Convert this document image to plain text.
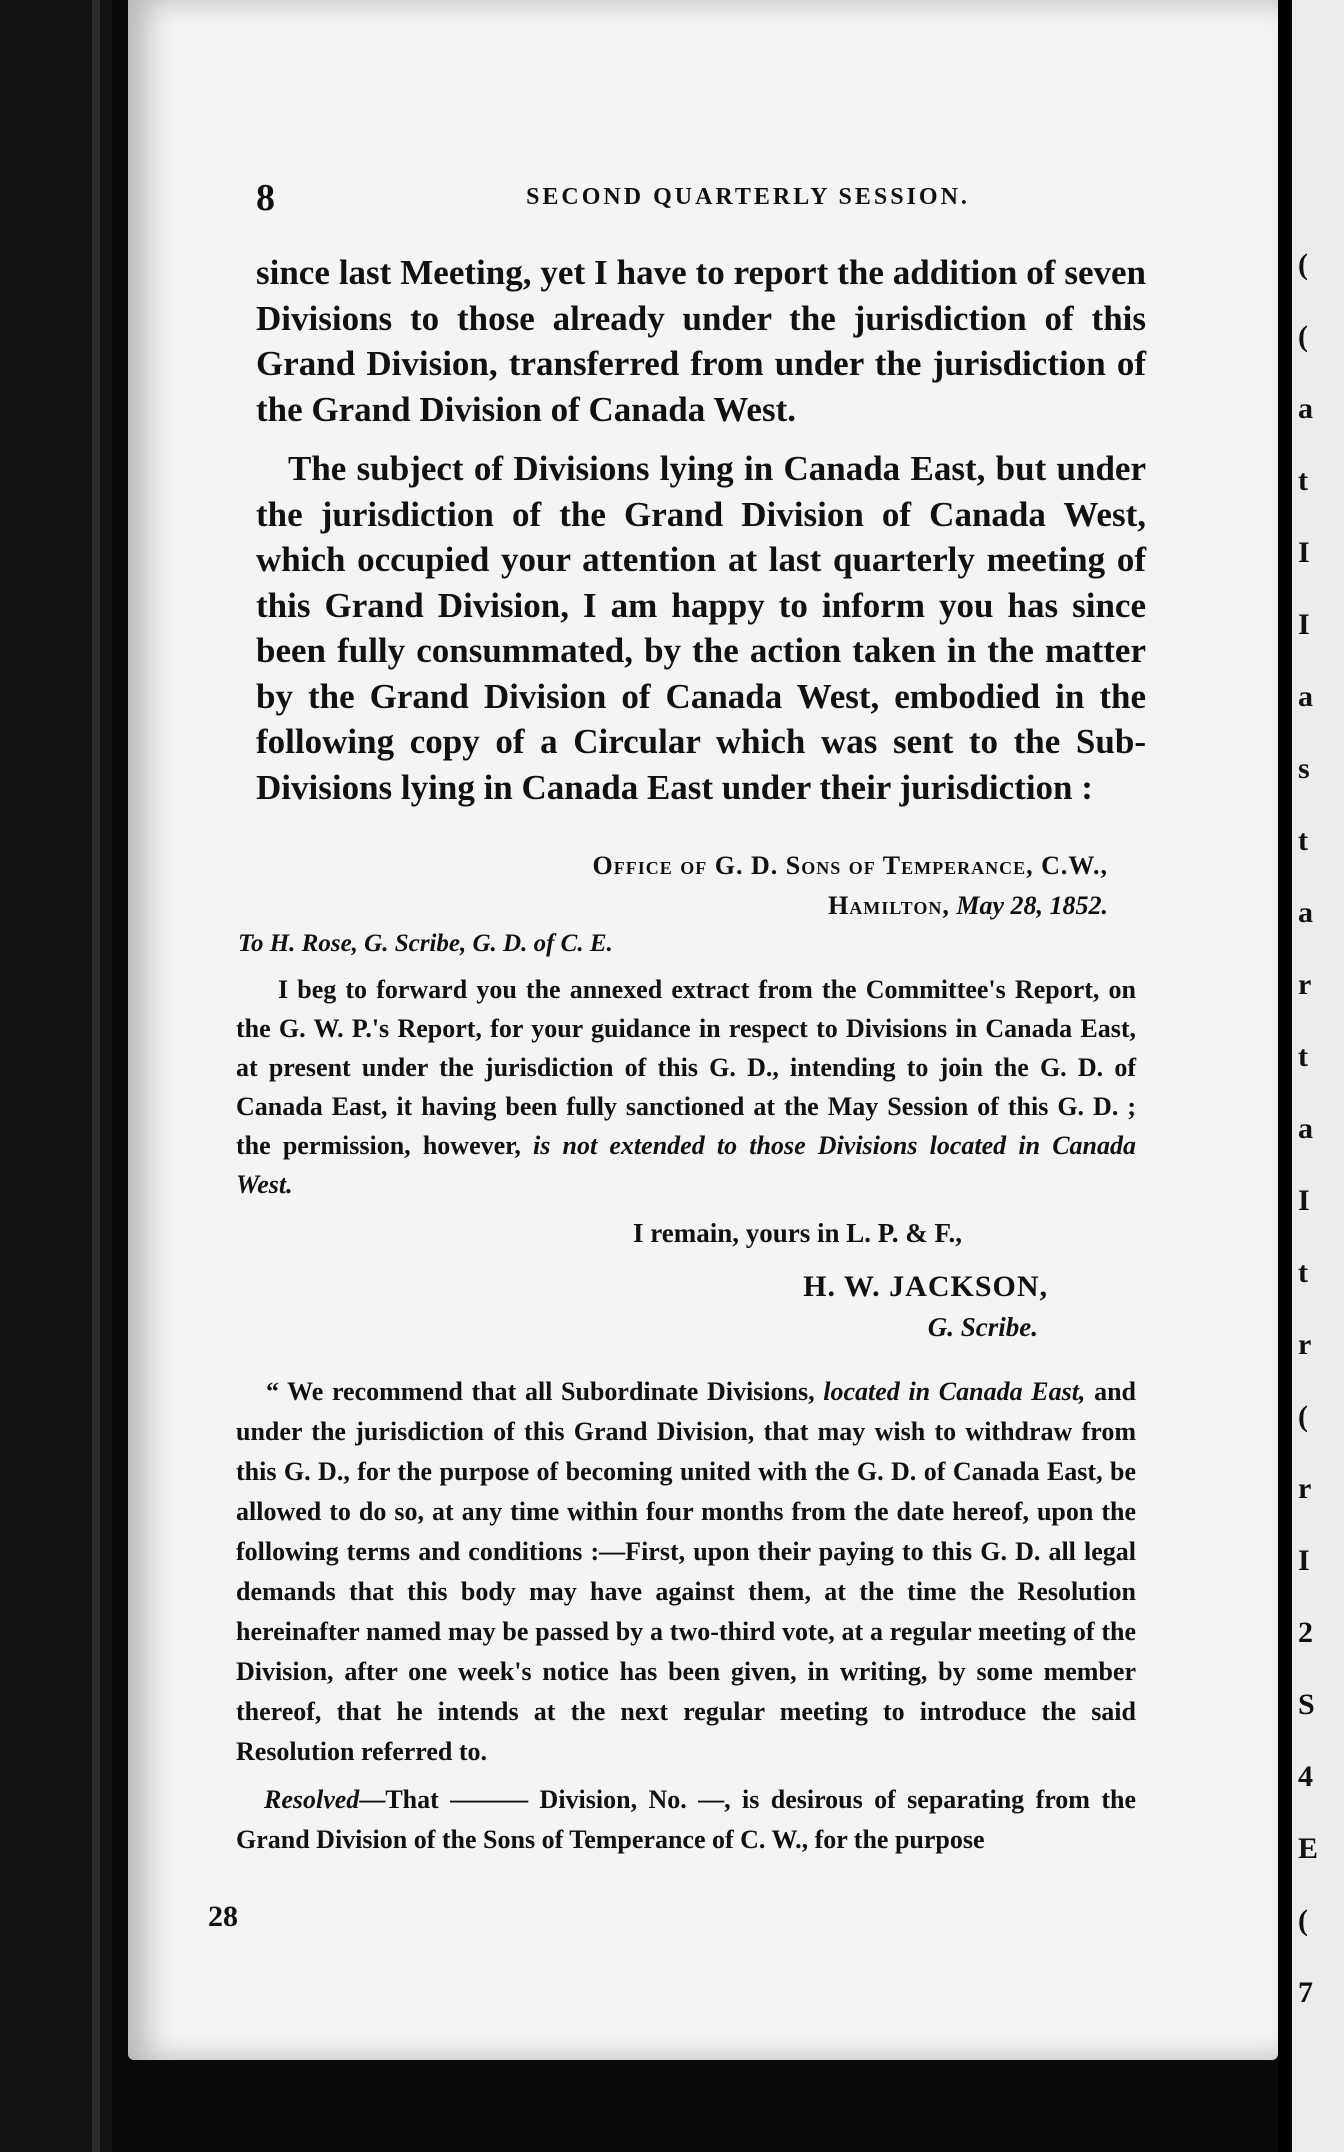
8	SECOND QUARTERLY SESSION.

since last Meeting, yet I have to report the addition of seven Divisions to those already under the jurisdiction of this Grand Division, transferred from under the jurisdiction of the Grand Division of Canada West.

The subject of Divisions lying in Canada East, but under the jurisdiction of the Grand Division of Canada West, which occupied your attention at last quarterly meeting of this Grand Division, I am happy to inform you has since been fully consummated, by the action taken in the matter by the Grand Division of Canada West, embodied in the following copy of a Circular which was sent to the Sub-Divisions lying in Canada East under their jurisdiction :

Office of G. D. Sons of Temperance, C.W.,
Hamilton, May 28, 1852.
To H. Rose, G. Scribe, G. D. of C. E.

I beg to forward you the annexed extract from the Committee's Report, on the G. W. P.'s Report, for your guidance in respect to Divisions in Canada East, at present under the jurisdiction of this G. D., intending to join the G. D. of Canada East, it having been fully sanctioned at the May Session of this G. D. ; the permission, however, is not extended to those Divisions located in Canada West.

I remain, yours in L. P. & F.,
H. W. JACKSON,
G. Scribe.

“ We recommend that all Subordinate Divisions, located in Canada East, and under the jurisdiction of this Grand Division, that may wish to withdraw from this G. D., for the purpose of becoming united with the G. D. of Canada East, be allowed to do so, at any time within four months from the date hereof, upon the following terms and conditions :—First, upon their paying to this G. D. all legal demands that this body may have against them, at the time the Resolution hereinafter named may be passed by a two-third vote, at a regular meeting of the Division, after one week's notice has been given, in writing, by some member thereof, that he intends at the next regular meeting to introduce the said Resolution referred to.

Resolved—That ——— Division, No. —, is desirous of separating from the Grand Division of the Sons of Temperance of C. W., for the purpose

28
(
(
a
t
I
I
a
s
t
a
r
t
a
I
t
r
(
r
I
2
S
4
E
(
7
